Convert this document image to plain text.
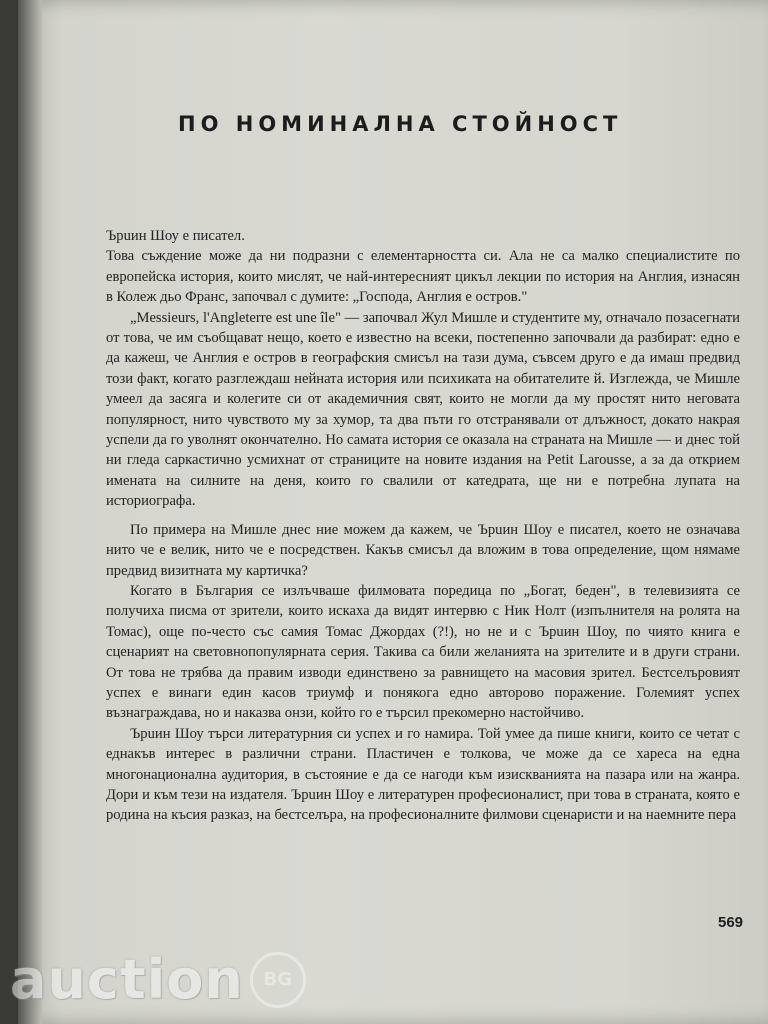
ПО НОМИНАЛНА СТОЙНОСТ

Ърuин Шоу е писател.

Това съждение може да ни подразни с елементарността си. Ала не са малко специалистите по европейска история, които мислят, че най-интересният цикъл лекции по история на Англия, изнасян в Колеж дьо Франс, започвал с думите: „Господа, Англия е остров."

„Messieurs, l'Angleterre est une île" — започвал Жул Мишле и студентите му, отначало позасегнати от това, че им съобщават нещо, което е известно на всеки, постепенно започвали да разбират: едно е да кажеш, че Англия е остров в географския смисъл на тази дума, съвсем друго е да имаш предвид този факт, когато разглеждаш нейната история или психиката на обитателите й. Изглежда, че Мишле умеел да засяга и колегите си от академичния свят, които не могли да му простят нито неговата популярност, нито чувството му за хумор, та два пъти го отстранявали от длъжност, докато накрая успели да го уволнят окончателно. Но самата история се оказала на страната на Мишле — и днес той ни гледа саркастично усмихнат от страниците на новите издания на Petit Larousse, а за да открием имената на силните на деня, които го свалили от катедрата, ще ни е потребна лупата на историографа.

По примера на Мишле днес ние можем да кажем, че Ърuин Шоу е писател, което не означава нито че е велик, нито че е посредствен. Какъв смисъл да вложим в това определение, щом нямаме предвид визитната му картичка?

Когато в България се излъчваше филмовата поредица по „Богат, беден", в телевизията се получиха писма от зрители, които искаха да видят интервю с Ник Нолт (изпълнителя на ролята на Томас), още по-често със самия Томас Джордах (?!), но не и с Ърuин Шоу, по чиято книга е сценарият на световнопопулярната серия. Такива са били желанията на зрителите и в други страни. От това не трябва да правим изводи единствено за равнището на масовия зрител. Бестселъровият успех е винаги един касов триумф и понякога едно авторово поражение. Големият успех възнаграждава, но и наказва онзи, който го е търсил прекомерно настойчиво.

Ърuин Шоу търси литературния си успех и го намира. Той умее да пише книги, които се четат с еднакъв интерес в различни страни. Пластичен е толкова, че може да се хареса на една многонационална аудитория, в състояние е да се нагоди към изискванията на пазара или на жанра. Дори и към тези на издателя. Ърuин Шоу е литературен професионалист, при това в страната, която е родина на късия разказ, на бестселъра, на професионалните филмови сценаристи и на наемните пера

569
auction	BG
